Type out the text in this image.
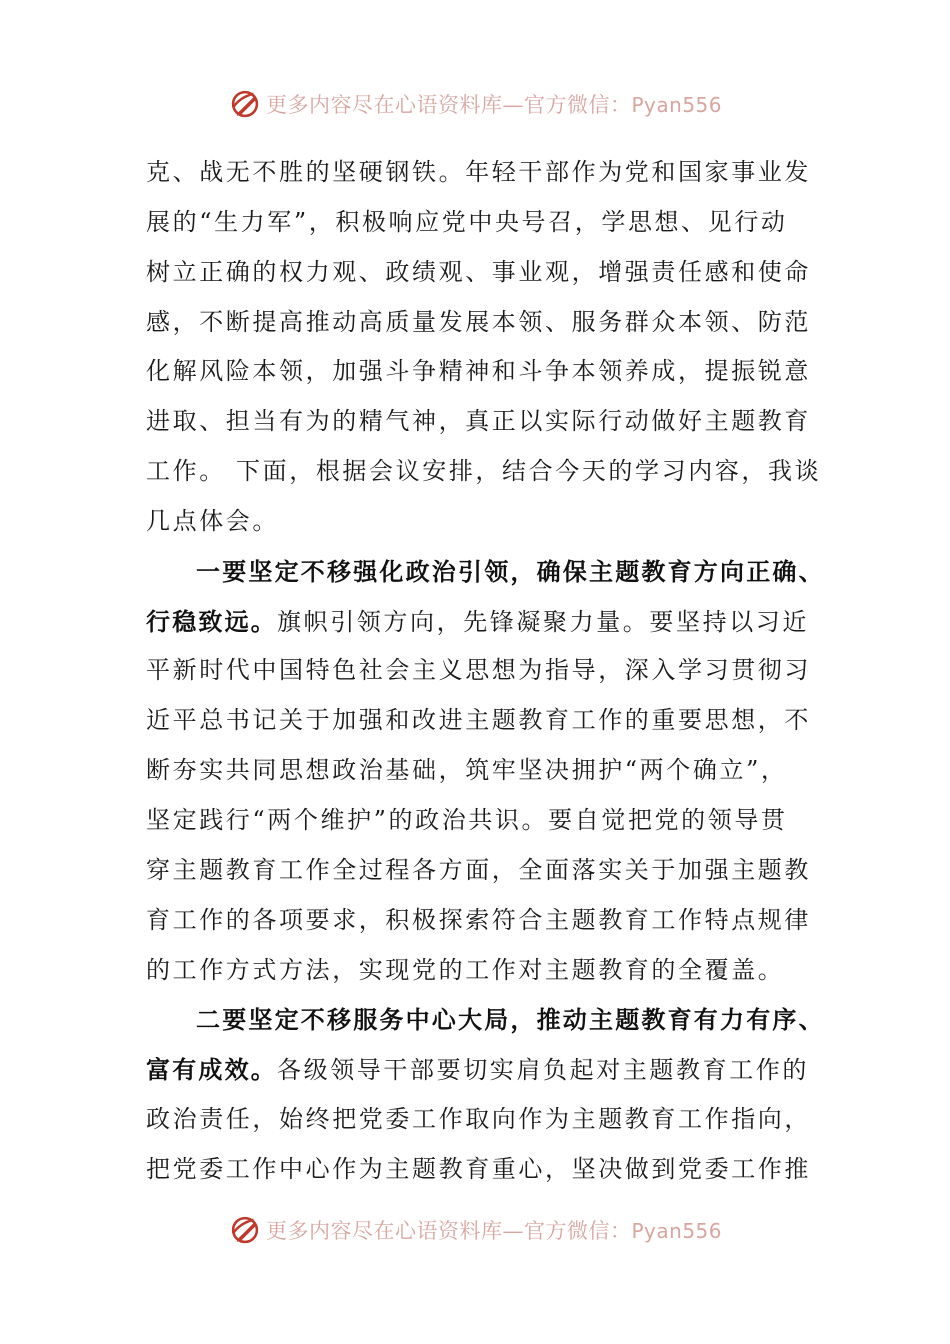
更多内容尽在心语资料库—官方微信：Pyan556
克、战无不胜的坚硬钢铁。年轻干部作为党和国家事业发
展的“生力军”，积极响应党中央号召，学思想、见行动
树立正确的权力观、政绩观、事业观，增强责任感和使命
感，不断提高推动高质量发展本领、服务群众本领、防范
化解风险本领，加强斗争精神和斗争本领养成，提振锐意
进取、担当有为的精气神，真正以实际行动做好主题教育
工作。 下面，根据会议安排，结合今天的学习内容，我谈
几点体会。
一要坚定不移强化政治引领，确保主题教育方向正确、
行稳致远。旗帜引领方向，先锋凝聚力量。要坚持以习近
平新时代中国特色社会主义思想为指导，深入学习贯彻习
近平总书记关于加强和改进主题教育工作的重要思想，不
断夯实共同思想政治基础，筑牢坚决拥护“两个确立”，
坚定践行“两个维护”的政治共识。要自觉把党的领导贯
穿主题教育工作全过程各方面，全面落实关于加强主题教
育工作的各项要求，积极探索符合主题教育工作特点规律
的工作方式方法，实现党的工作对主题教育的全覆盖。
二要坚定不移服务中心大局，推动主题教育有力有序、
富有成效。各级领导干部要切实肩负起对主题教育工作的
政治责任，始终把党委工作取向作为主题教育工作指向，
把党委工作中心作为主题教育重心，坚决做到党委工作推
更多内容尽在心语资料库—官方微信：Pyan556
